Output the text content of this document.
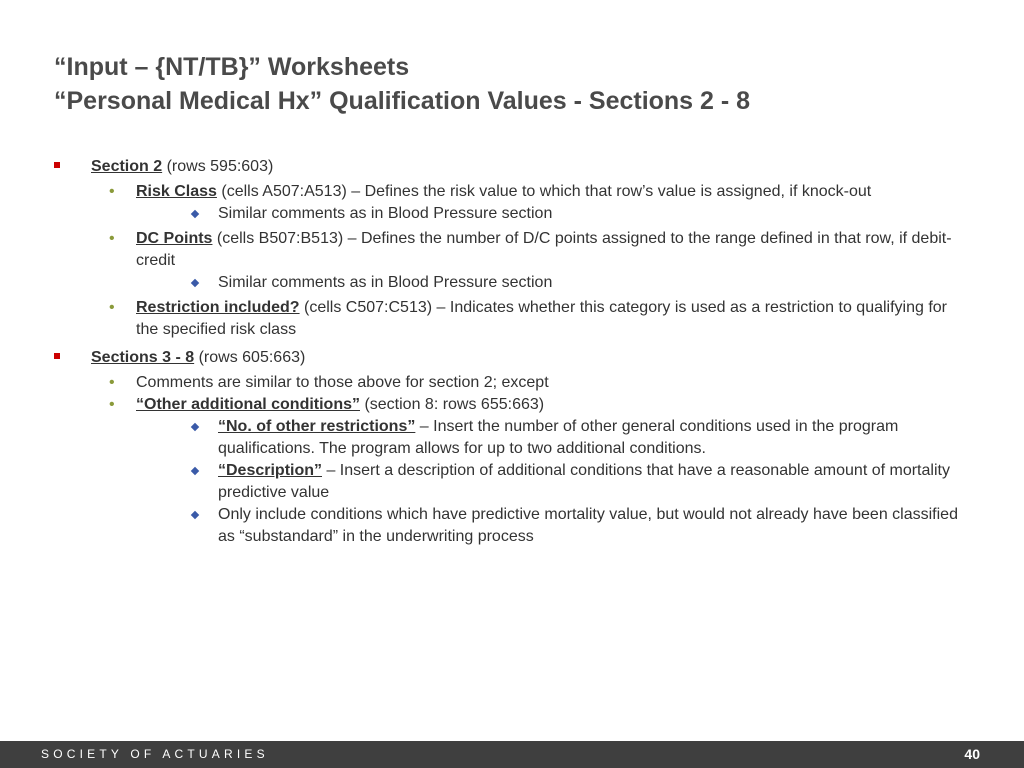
“Input – {NT/TB}” Worksheets
“Personal Medical Hx” Qualification Values - Sections 2 - 8
Section 2 (rows 595:603)
• Risk Class (cells A507:A513) – Defines the risk value to which that row’s value is assigned, if knock-out
Similar comments as in Blood Pressure section
• DC Points (cells B507:B513) – Defines the number of D/C points assigned to the range defined in that row, if debit-credit
Similar comments as in Blood Pressure section
• Restriction included? (cells C507:C513) – Indicates whether this category is used as a restriction to qualifying for the specified risk class
Sections 3 - 8 (rows 605:663)
• Comments are similar to those above for section 2; except
• “Other additional conditions” (section 8: rows 655:663)
“No. of other restrictions” – Insert the number of other general conditions used in the program qualifications. The program allows for up to two additional conditions.
“Description” – Insert a description of additional conditions that have a reasonable amount of mortality predictive value
Only include conditions which have predictive mortality value, but would not already have been classified as “substandard” in the underwriting process
SOCIETY OF ACTUARIES	40
